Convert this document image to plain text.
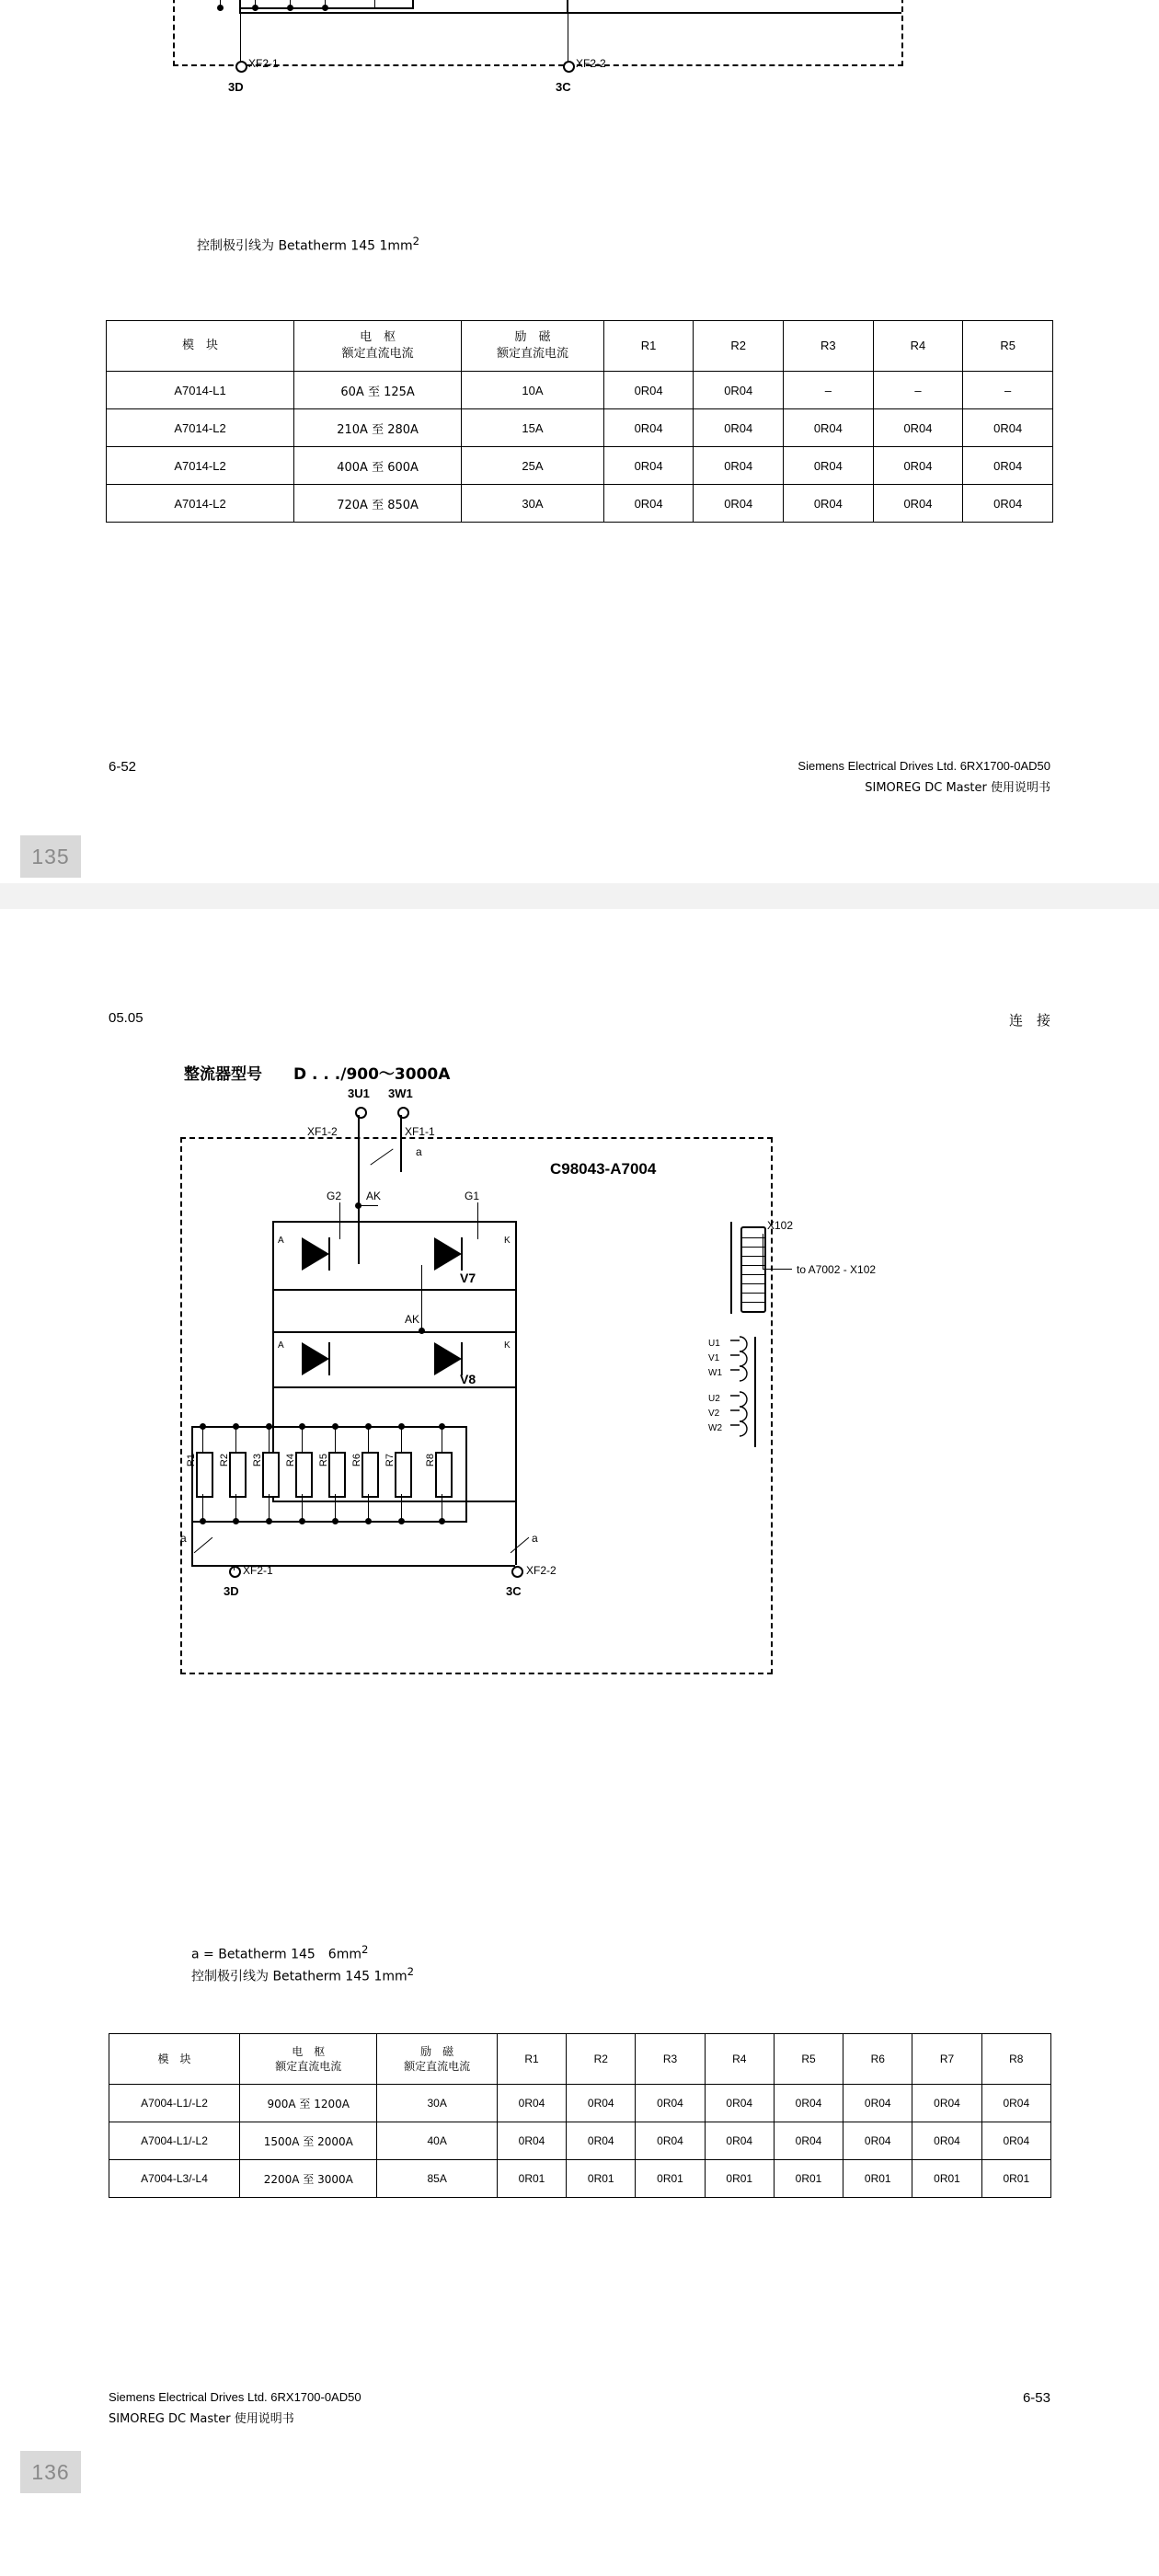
XF2-1	XF2-2
3D	3C
控制极引线为 Betatherm 145 $1mm^2$
模　块

电　枢
额定直流电流

励　磁
额定直流电流
	R1	R2	R3	R4	R5
A7014-L1	60A 至 125A	10A	0R04	0R04	–	–	–
A7014-L2	210A 至 280A	15A	0R04	0R04	0R04	0R04	0R04
A7014-L2	400A 至 600A	25A	0R04	0R04	0R04	0R04	0R04
A7014-L2	720A 至 850A	30A	0R04	0R04	0R04	0R04	0R04
6-52	Siemens Electrical Drives Ltd. 6RX1700-0AD50
SIMOREG DC Master 使用说明书
135
05.05	连　接
整流器型号　　D . . ./900～3000A
C98043-A7004
3U1 3W1
XF1-2	XF1-1
a
G2 AK	G1
A	K
V7
AK
A	K
V8
R1 R2 R3 R4 R5 R6 R7	R8
a	a
XF2-1	XF2-2
3D	3C
X102
to A7002 - X102
U1
V1
W1
U2
V2
W2
a = Betatherm 145　$6mm^2$
控制极引线为 Betatherm 145 $1mm^2$
模　块

电　枢
额定直流电流

励　磁
额定直流电流
	R1	R2	R3	R4	R5	R6	R7	R8
A7004-L1/-L2	900A 至 1200A	30A	0R04	0R04	0R04	0R04	0R04	0R04	0R04	0R04
A7004-L1/-L2	1500A 至 2000A	40A	0R04	0R04	0R04	0R04	0R04	0R04	0R04	0R04
A7004-L3/-L4	2200A 至 3000A	85A	0R01	0R01	0R01	0R01	0R01	0R01	0R01	0R01
Siemens Electrical Drives Ltd. 6RX1700-0AD50
SIMOREG DC Master 使用说明书
6-53
136
